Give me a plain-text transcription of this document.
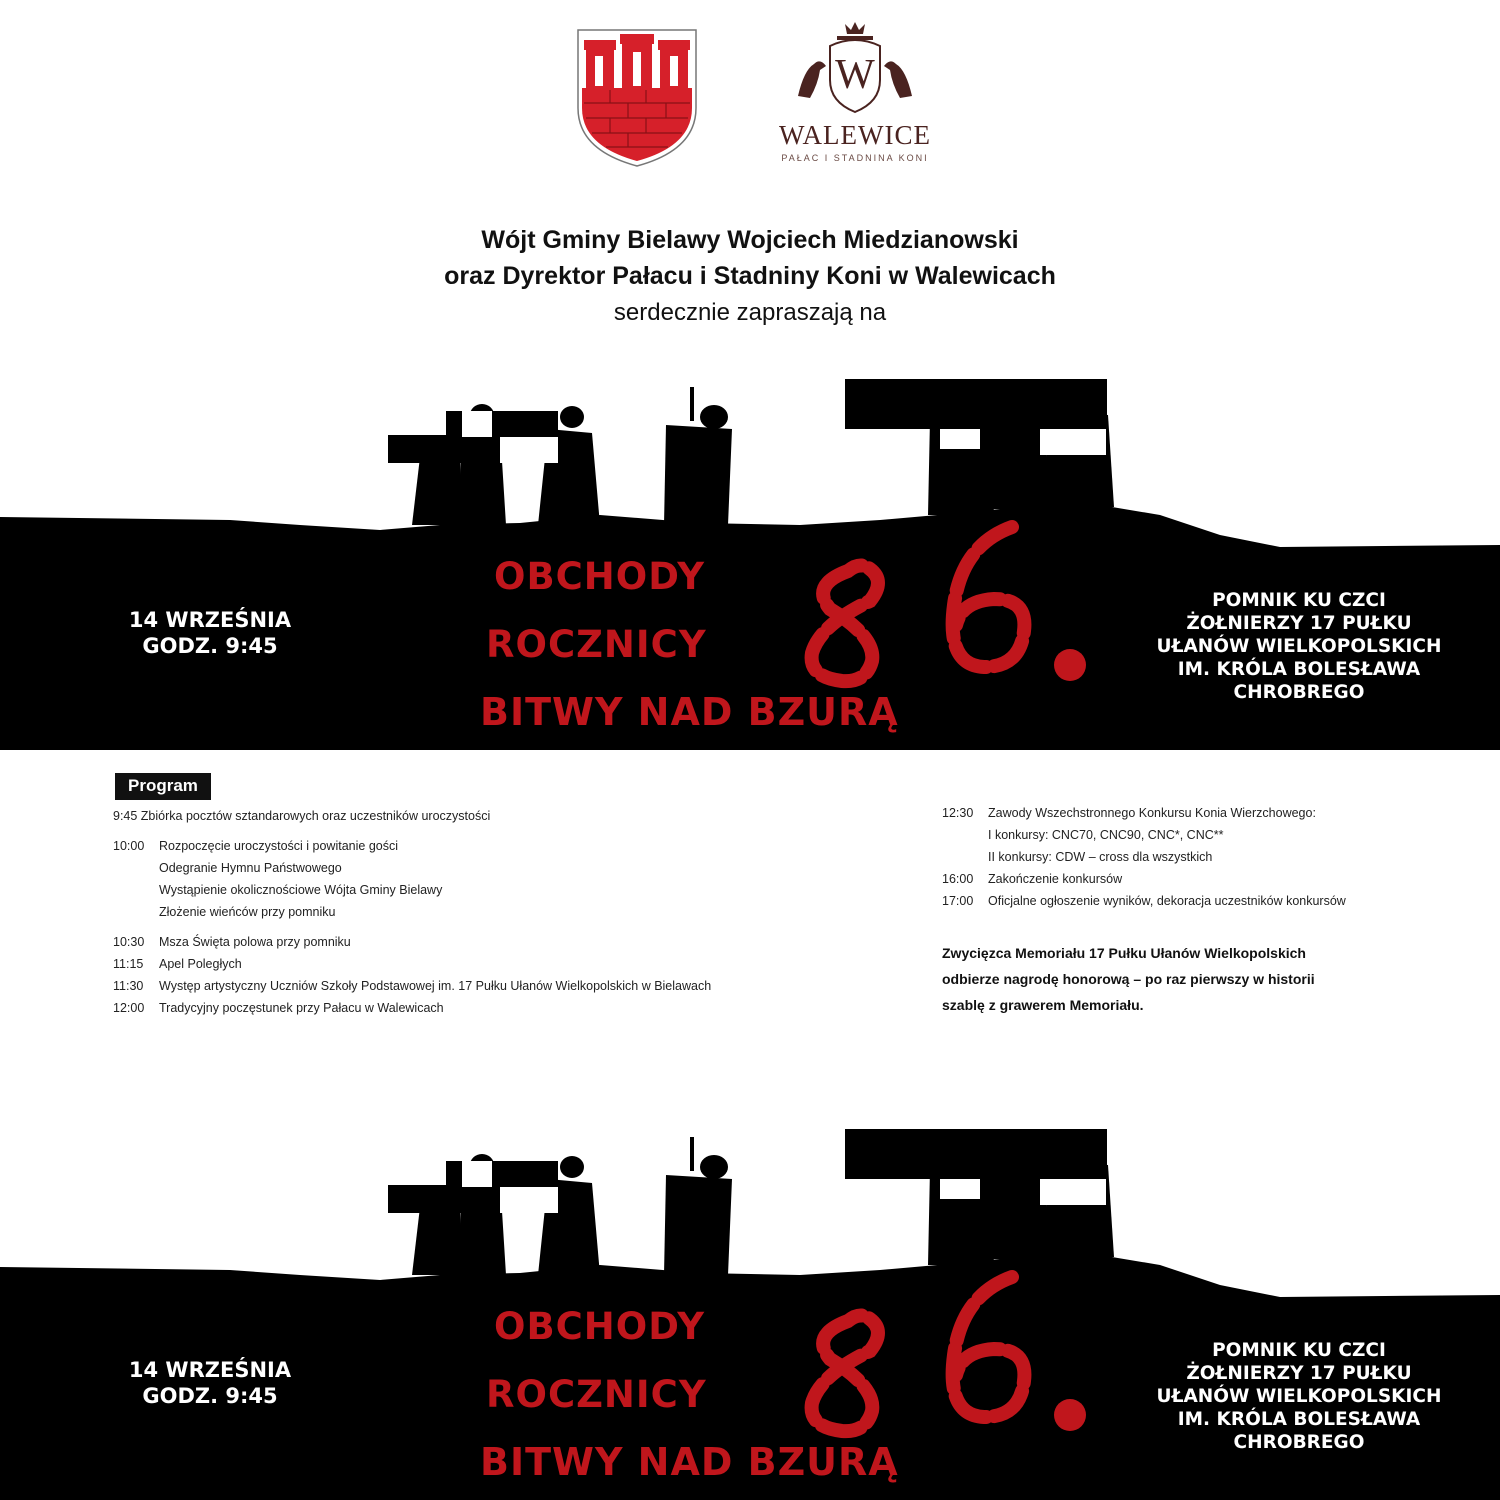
W
WALEWICE
PAŁAC I STADNINA KONI
Wójt Gminy Bielawy Wojciech Miedzianowski
oraz Dyrektor Pałacu i Stadniny Koni w Walewicach
serdecznie zapraszają na
14 WRZEŚNIA
GODZ. 9:45
OBCHODY
ROCZNICY
BITWY NAD BZURĄ
POMNIK KU CZCI
ŻOŁNIERZY 17 PUŁKU
UŁANÓW WIELKOPOLSKICH
IM. KRÓLA BOLESŁAWA
CHROBREGO
Program
9:45 Zbiórka pocztów sztandarowych oraz uczestników uroczystości
10:00	Rozpoczęcie uroczystości i powitanie gości
Odegranie Hymnu Państwowego
Wystąpienie okolicznościowe Wójta Gminy Bielawy
Złożenie wieńców przy pomniku
10:30	Msza Święta polowa przy pomniku
11:15	Apel Poległych
11:30	Występ artystyczny Uczniów Szkoły Podstawowej im. 17 Pułku Ułanów Wielkopolskich w Bielawach
12:00	Tradycyjny poczęstunek przy Pałacu w Walewicach
12:30	Zawody Wszechstronnego Konkursu Konia Wierzchowego:
I konkursy: CNC70, CNC90, CNC*, CNC**
II konkursy: CDW – cross dla wszystkich
16:00	Zakończenie konkursów
17:00	Oficjalne ogłoszenie wyników, dekoracja uczestników konkursów
Zwycięzca Memoriału 17 Pułku Ułanów Wielkopolskich
odbierze nagrodę honorową – po raz pierwszy w historii
szablę z grawerem Memoriału.
14 WRZEŚNIA
GODZ. 9:45
OBCHODY
ROCZNICY
BITWY NAD BZURĄ
POMNIK KU CZCI
ŻOŁNIERZY 17 PUŁKU
UŁANÓW WIELKOPOLSKICH
IM. KRÓLA BOLESŁAWA
CHROBREGO
